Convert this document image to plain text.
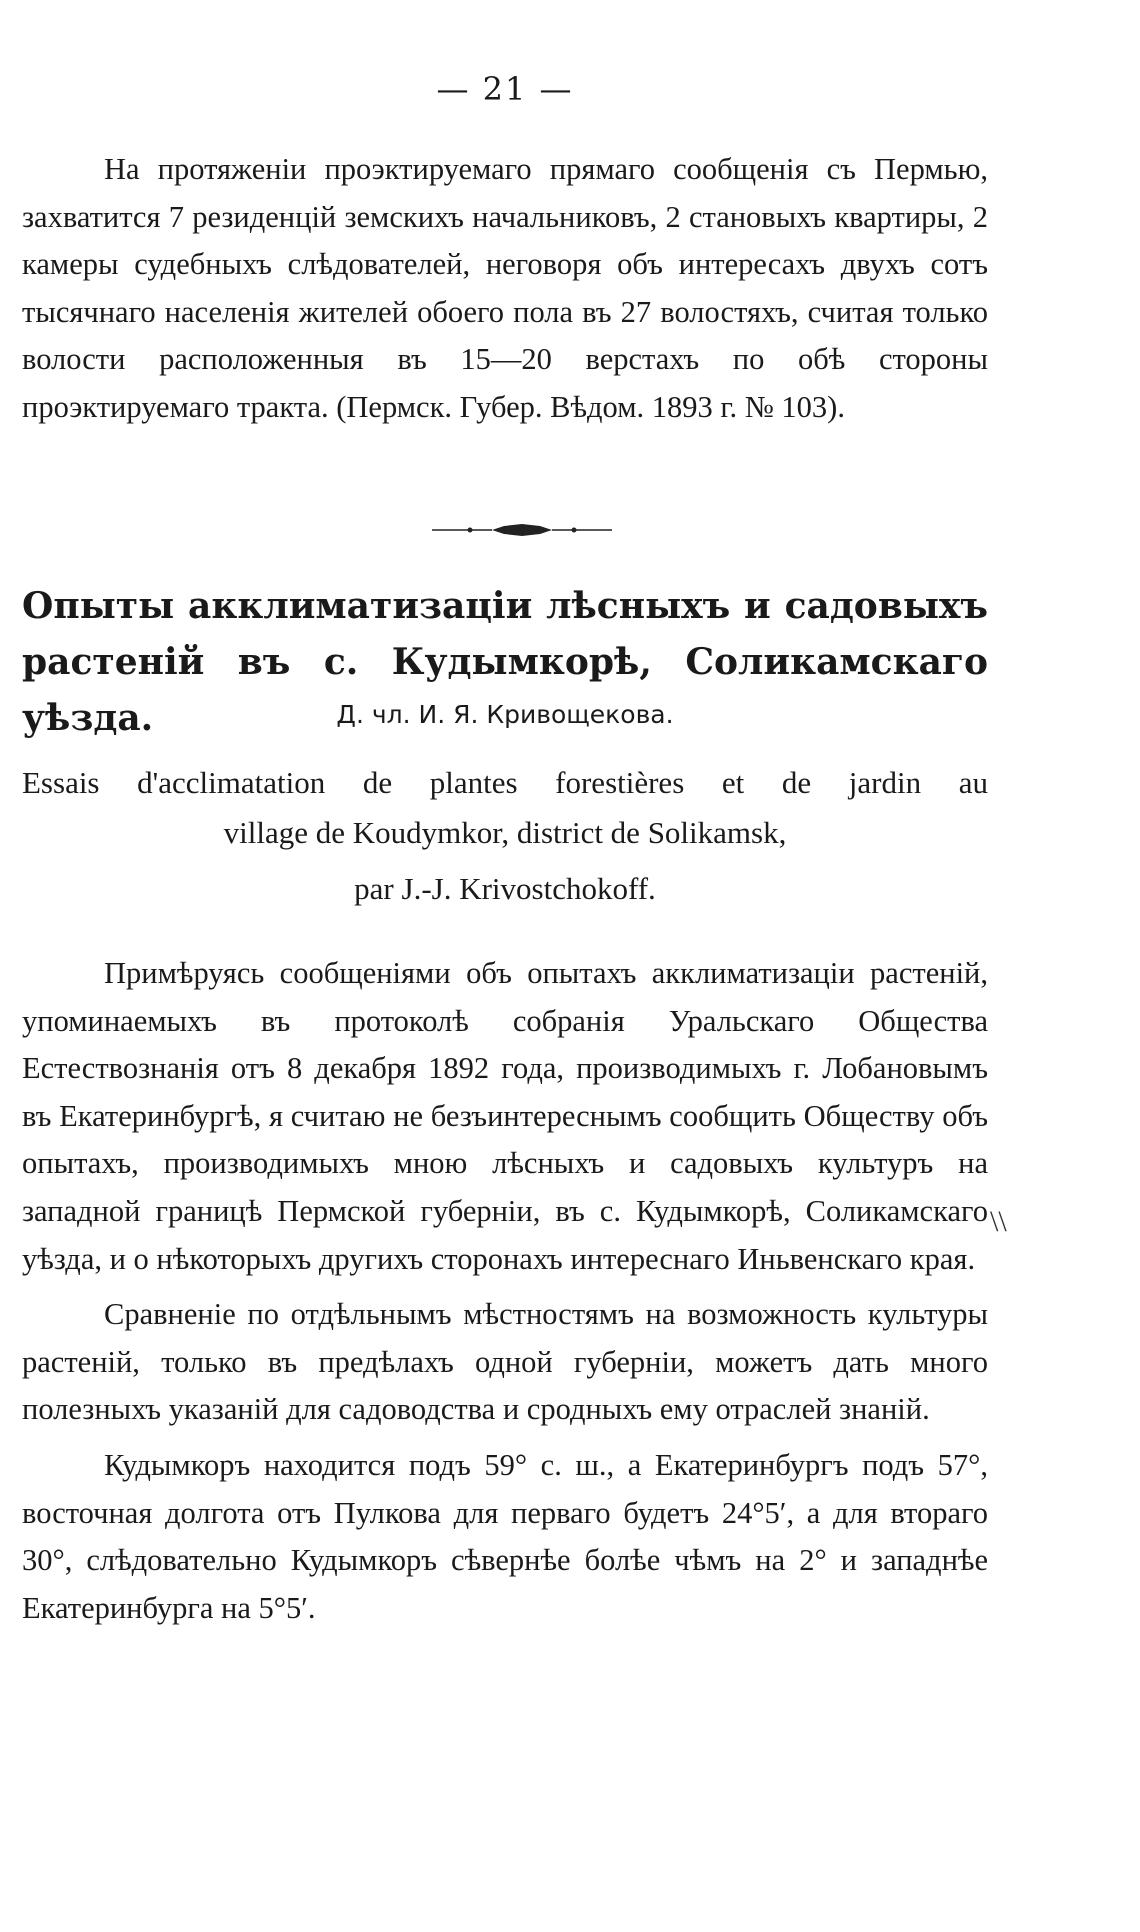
— 21 —

На протяженіи проэктируемаго прямаго сообщенія съ Пермью, захватится 7 резиденцій земскихъ начальниковъ, 2 становыхъ квартиры, 2 камеры судебныхъ слѣдователей, неговоря объ интересахъ двухъ сотъ тысячнаго населенія жителей обоего пола въ 27 волостяхъ, считая только волости расположенныя въ 15—20 верстахъ по обѣ стороны проэктируемаго тракта. (Пермск. Губер. Вѣдом. 1893 г. № 103).

Опыты акклиматизаціи лѣсныхъ и садовыхъ
растеній въ с. Кудымкорѣ, Соликамскаго уѣзда.	Д. чл. И. Я. Кривощекова.

Essais d'acclimatation de plantes forestières et de jardin au
village de Koudymkor, district de Solikamsk,
par J.-J. Krivostchokoff.

Примѣруясь сообщеніями объ опытахъ акклиматизаціи растеній, упоминаемыхъ въ протоколѣ собранія Уральскаго Общества Естествознанія отъ 8 декабря 1892 года, производимыхъ г. Лобановымъ въ Екатеринбургѣ, я считаю не безъинтереснымъ сообщить Обществу объ опытахъ, производимыхъ мною лѣсныхъ и садовыхъ культуръ на западной границѣ Пермской губерніи, въ с. Кудымкорѣ, Соликамскаго уѣзда, и о нѣкоторыхъ другихъ сторонахъ интереснаго Иньвенскаго края.

Сравненіе по отдѣльнымъ мѣстностямъ на возможность культуры растеній, только въ предѣлахъ одной губерніи, можетъ дать много полезныхъ указаній для садоводства и сродныхъ ему отраслей знаній.

Кудымкоръ находится подъ 59° с. ш., а Екатеринбургъ подъ 57°, восточная долгота отъ Пулкова для перваго будетъ 24°5′, а для втораго 30°, слѣдовательно Кудымкоръ сѣвернѣе болѣе чѣмъ на 2° и западнѣе Екатеринбурга на 5°5′.

\\
